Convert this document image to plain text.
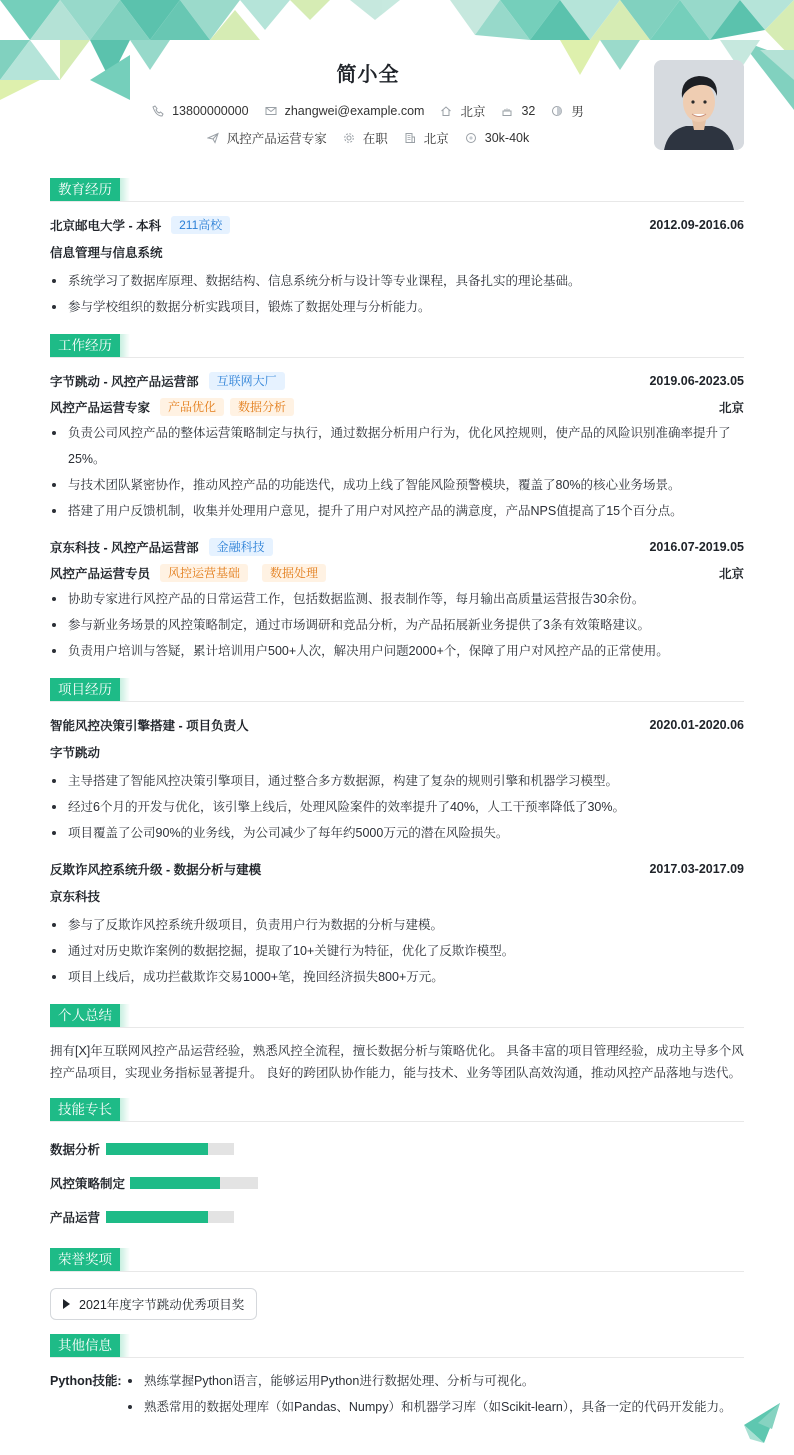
简小全
13800000000	zhangwei@example.com	北京	32	男
风控产品运营专家	在职	北京	30k-40k
教育经历
北京邮电大学 - 本科	211高校	2012.09-2016.06
信息管理与信息系统
系统学习了数据库原理、数据结构、信息系统分析与设计等专业课程，具备扎实的理论基础。
参与学校组织的数据分析实践项目，锻炼了数据处理与分析能力。
工作经历
字节跳动 - 风控产品运营部	互联网大厂	2019.06-2023.05
风控产品运营专家	产品优化	数据分析	北京
负责公司风控产品的整体运营策略制定与执行，通过数据分析用户行为，优化风控规则，使产品的风险识别准确率提升了25%。
与技术团队紧密协作，推动风控产品的功能迭代，成功上线了智能风险预警模块，覆盖了80%的核心业务场景。
搭建了用户反馈机制，收集并处理用户意见，提升了用户对风控产品的满意度，产品NPS值提高了15个百分点。
京东科技 - 风控产品运营部	金融科技	2016.07-2019.05
风控产品运营专员	风控运营基础	数据处理	北京
协助专家进行风控产品的日常运营工作，包括数据监测、报表制作等，每月输出高质量运营报告30余份。
参与新业务场景的风控策略制定，通过市场调研和竞品分析，为产品拓展新业务提供了3条有效策略建议。
负责用户培训与答疑，累计培训用户500+人次，解决用户问题2000+个，保障了用户对风控产品的正常使用。
项目经历
智能风控决策引擎搭建 - 项目负责人	2020.01-2020.06
字节跳动
主导搭建了智能风控决策引擎项目，通过整合多方数据源，构建了复杂的规则引擎和机器学习模型。
经过6个月的开发与优化，该引擎上线后，处理风险案件的效率提升了40%，人工干预率降低了30%。
项目覆盖了公司90%的业务线，为公司减少了每年约5000万元的潜在风险损失。
反欺诈风控系统升级 - 数据分析与建模	2017.03-2017.09
京东科技
参与了反欺诈风控系统升级项目，负责用户行为数据的分析与建模。
通过对历史欺诈案例的数据挖掘，提取了10+关键行为特征，优化了反欺诈模型。
项目上线后，成功拦截欺诈交易1000+笔，挽回经济损失800+万元。
个人总结
拥有[X]年互联网风控产品运营经验，熟悉风控全流程，擅长数据分析与策略优化。 具备丰富的项目管理经验，成功主导多个风控产品项目，实现业务指标显著提升。 良好的跨团队协作能力，能与技术、业务等团队高效沟通，推动风控产品落地与迭代。
技能专长
数据分析
风控策略制定
产品运营
荣誉奖项
2021年度字节跳动优秀项目奖
其他信息
Python技能:	熟练掌握Python语言，能够运用Python进行数据处理、分析与可视化。
熟悉常用的数据处理库（如Pandas、Numpy）和机器学习库（如Scikit-learn），具备一定的代码开发能力。
